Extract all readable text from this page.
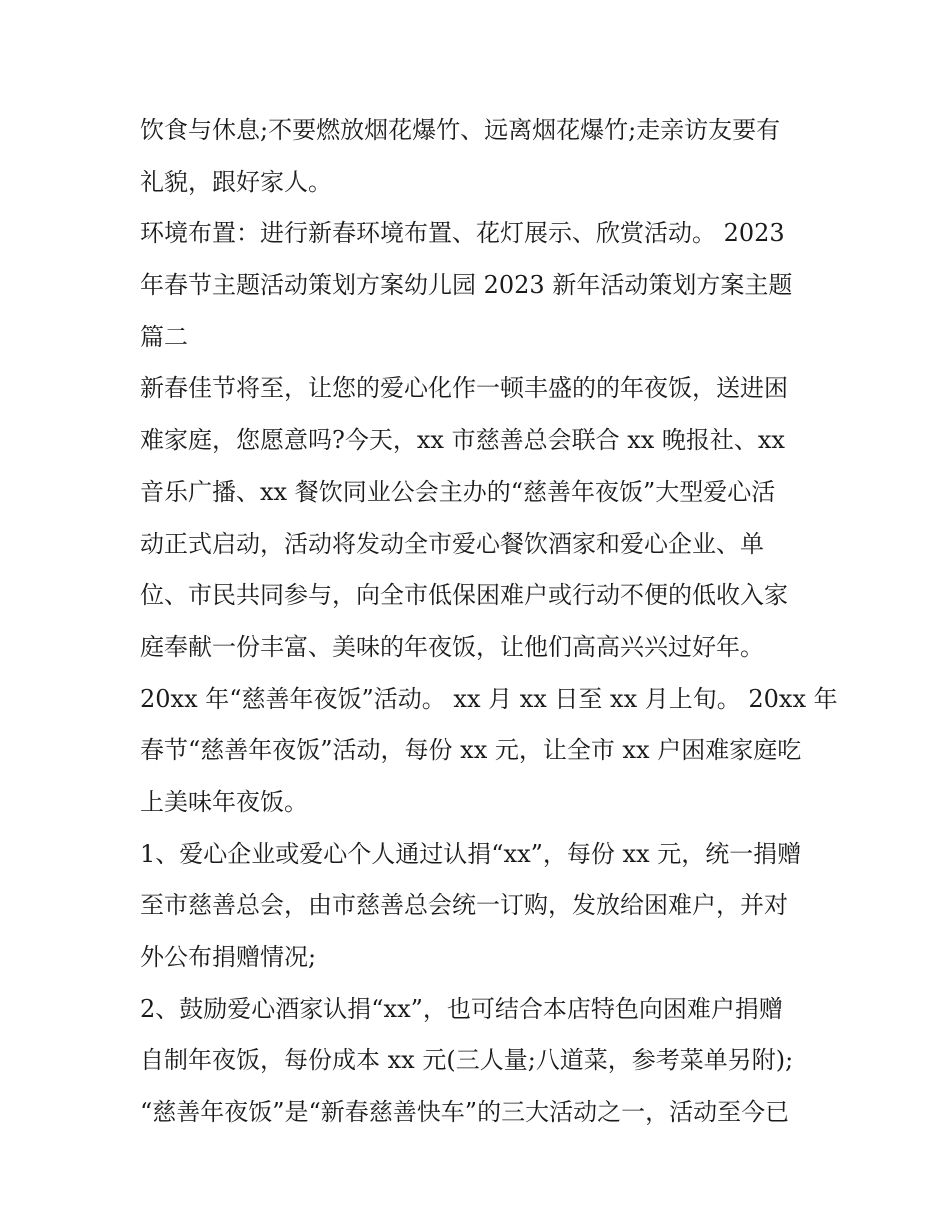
饮食与休息;不要燃放烟花爆竹、远离烟花爆竹;走亲访友要有
礼貌，跟好家人。
环境布置：进行新春环境布置、花灯展示、欣赏活动。 2023
年春节主题活动策划方案幼儿园 2023 新年活动策划方案主题
篇二
新春佳节将至，让您的爱心化作一顿丰盛的的年夜饭，送进困
难家庭，您愿意吗?今天，xx 市慈善总会联合 xx 晚报社、xx
音乐广播、xx 餐饮同业公会主办的“慈善年夜饭”大型爱心活
动正式启动，活动将发动全市爱心餐饮酒家和爱心企业、单
位、市民共同参与，向全市低保困难户或行动不便的低收入家
庭奉献一份丰富、美味的年夜饭，让他们高高兴兴过好年。
20xx 年“慈善年夜饭”活动。 xx 月 xx 日至 xx 月上旬。 20xx 年
春节“慈善年夜饭”活动，每份 xx 元，让全市 xx 户困难家庭吃
上美味年夜饭。
1、爱心企业或爱心个人通过认捐“xx”，每份 xx 元，统一捐赠
至市慈善总会，由市慈善总会统一订购，发放给困难户，并对
外公布捐赠情况;
2、鼓励爱心酒家认捐“xx”，也可结合本店特色向困难户捐赠
自制年夜饭，每份成本 xx 元(三人量;八道菜，参考菜单另附);
“慈善年夜饭”是“新春慈善快车”的三大活动之一，活动至今已
